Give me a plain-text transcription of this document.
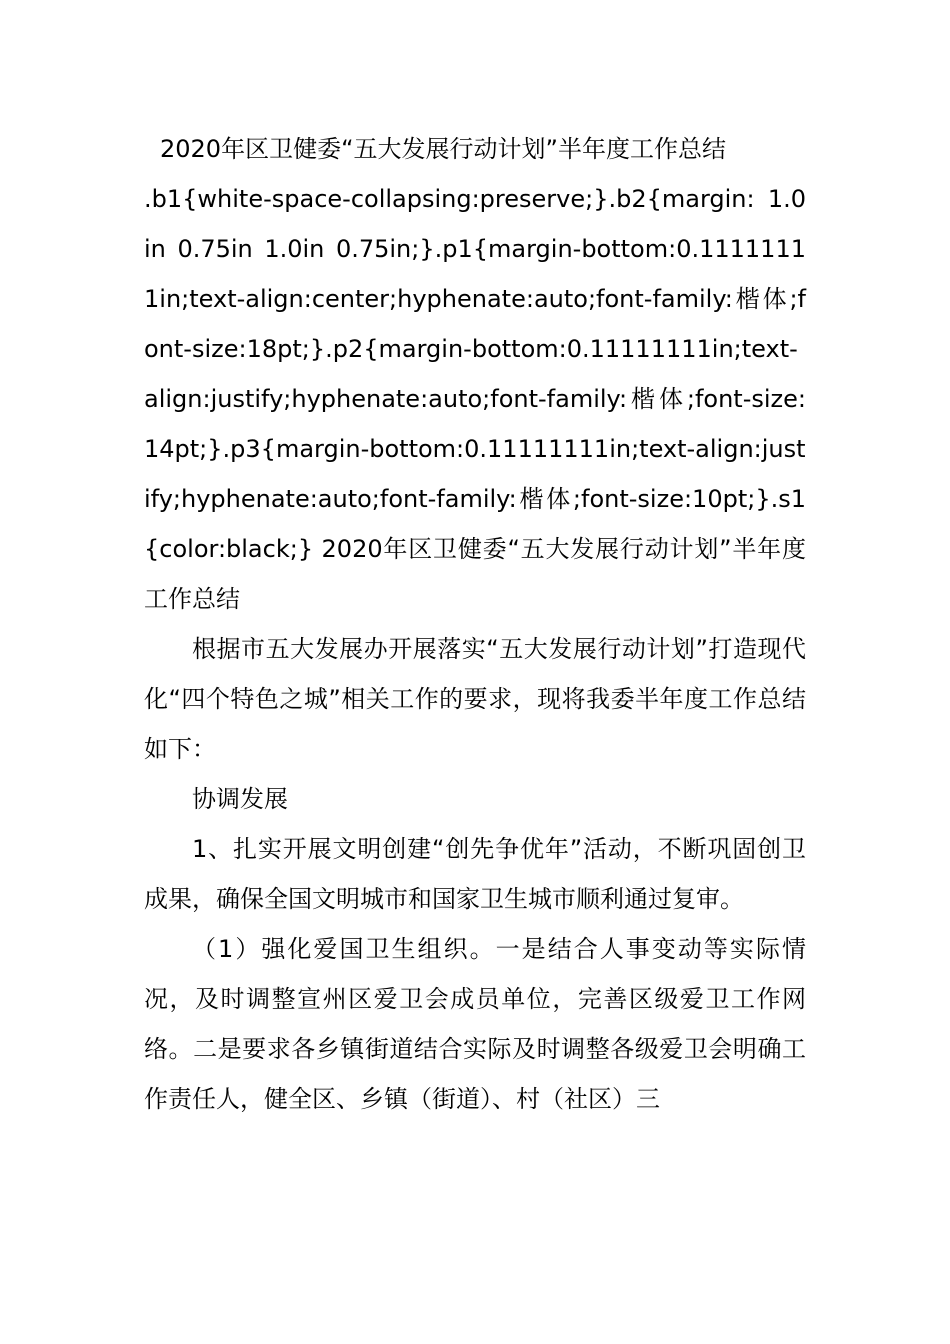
2020年区卫健委“五大发展行动计划”半年度工作总结

.b1{white-space-collapsing:preserve;}.b2{margin: 1.0in 0.75in 1.0in 0.75in;}.p1{margin-bottom:0.11111111in;text-align:center;hyphenate:auto;font-family:楷体;font-size:18pt;}.p2{margin-bottom:0.11111111in;text-align:justify;hyphenate:auto;font-family:楷体;font-size:14pt;}.p3{margin-bottom:0.11111111in;text-align:justify;hyphenate:auto;font-family:楷体;font-size:10pt;}.s1{color:black;} 2020年区卫健委“五大发展行动计划”半年度工作总结

根据市五大发展办开展落实“五大发展行动计划”打造现代化“四个特色之城”相关工作的要求，现将我委半年度工作总结如下：

协调发展

1、扎实开展文明创建“创先争优年”活动，不断巩固创卫成果，确保全国文明城市和国家卫生城市顺利通过复审。

（1）强化爱国卫生组织。一是结合人事变动等实际情况，及时调整宣州区爱卫会成员单位，完善区级爱卫工作网络。二是要求各乡镇街道结合实际及时调整各级爱卫会明确工作责任人，健全区、乡镇（街道）、村（社区）三
